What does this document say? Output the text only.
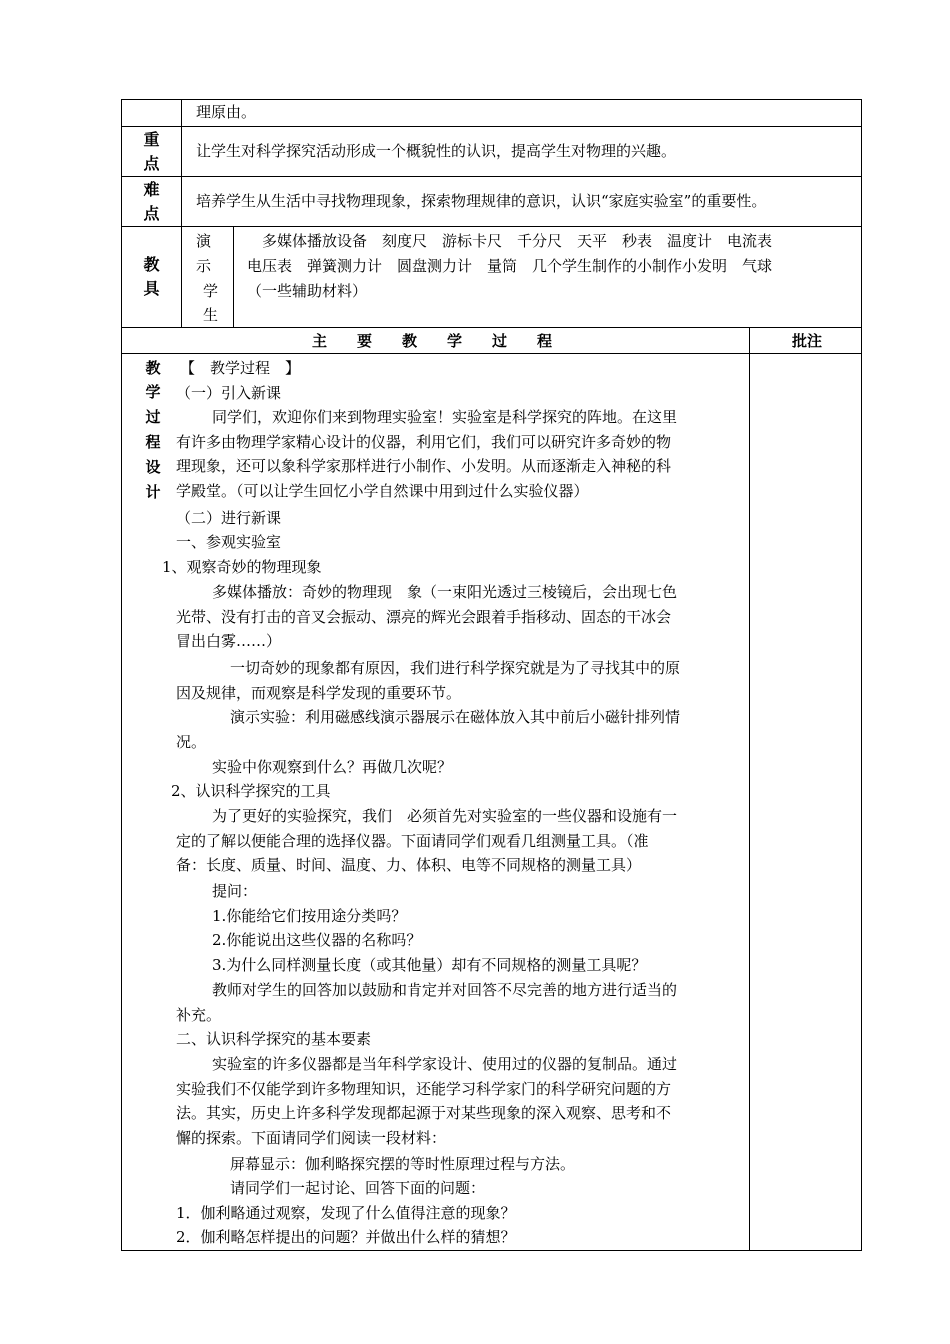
理原由。
重
点
让学生对科学探究活动形成一个概貌性的认识，提高学生对物理的兴趣。
难
点
培养学生从生活中寻找物理现象，探索物理规律的意识，认识“家庭实验室”的重要性。
教
具
演
示
学
生
多媒体播放设备　刻度尺　游标卡尺　千分尺　天平　秒表　温度计　电流表
电压表　弹簧测力计　圆盘测力计　量筒　几个学生制作的小制作小发明　气球
（一些辅助材料）
主　　要　　教　　学　　过　　程	批注
教
学
过
程
设
计
【　教学过程　】
（一）引入新课
同学们，欢迎你们来到物理实验室！实验室是科学探究的阵地。在这里
有许多由物理学家精心设计的仪器，利用它们，我们可以研究许多奇妙的物
理现象，还可以象科学家那样进行小制作、小发明。从而逐渐走入神秘的科
学殿堂。（可以让学生回忆小学自然课中用到过什么实验仪器）
（二）进行新课
一、参观实验室
1、观察奇妙的物理现象
多媒体播放：奇妙的物理现　象（一束阳光透过三棱镜后，会出现七色
光带、没有打击的音叉会振动、漂亮的辉光会跟着手指移动、固态的干冰会
冒出白雾……）
一切奇妙的现象都有原因，我们进行科学探究就是为了寻找其中的原
因及规律，而观察是科学发现的重要环节。
演示实验：利用磁感线演示器展示在磁体放入其中前后小磁针排列情
况。
实验中你观察到什么？再做几次呢？
2、认识科学探究的工具
为了更好的实验探究，我们　必须首先对实验室的一些仪器和设施有一
定的了解以便能合理的选择仪器。下面请同学们观看几组测量工具。（准
备：长度、质量、时间、温度、力、体积、电等不同规格的测量工具）
提问：
1.你能给它们按用途分类吗？
2.你能说出这些仪器的名称吗？
3.为什么同样测量长度（或其他量）却有不同规格的测量工具呢？
教师对学生的回答加以鼓励和肯定并对回答不尽完善的地方进行适当的
补充。
二、认识科学探究的基本要素
实验室的许多仪器都是当年科学家设计、使用过的仪器的复制品。通过
实验我们不仅能学到许多物理知识，还能学习科学家门的科学研究问题的方
法。其实，历史上许多科学发现都起源于对某些现象的深入观察、思考和不
懈的探索。下面请同学们阅读一段材料：
屏幕显示：伽利略探究摆的等时性原理过程与方法。
请同学们一起讨论、回答下面的问题：
1．伽利略通过观察，发现了什么值得注意的现象？
2．伽利略怎样提出的问题？并做出什么样的猜想？
